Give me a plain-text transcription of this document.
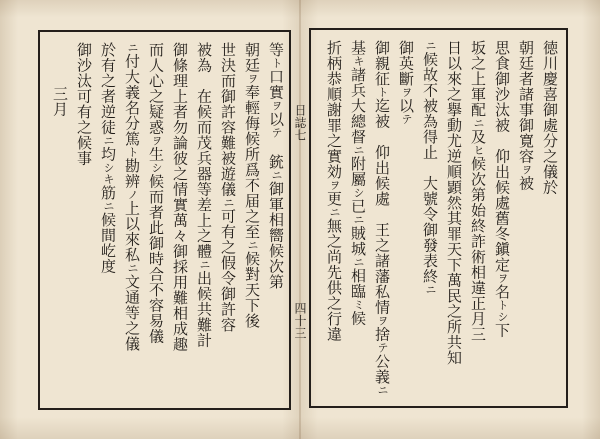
徳川慶喜御處分之儀於
朝廷者諸事御寛容ヲ被
思食御沙汰被　仰出候處舊冬鎭定ヲ名トシ下
坂之上軍配ニ及ヒ候次第始終詐術相違正月三
日以來之擧動尤逆順顕然其罪天下萬民之所共知
ニ候故不被為得止　大號令御發表終ニ
御英斷ヲ以テ
御親征ト迄被　仰出候處　王之諸藩私情ヲ捨テ公義ニ
基キ諸兵大總督ニ附屬シ已ニ賊城ニ相臨ミ候
折柄恭順謝罪之實効ヲ更ニ無之尚先供之行違
日誌七
四十三
等ト口實ヲ以テ　銃ニ御軍相嚮候次第
朝廷ヲ奉輕侮候所爲不届之至ニ候對天下後
世決而御許容難被遊儀ニ可有之假令御許容
被為　在候而茂兵器等差上之體ニ出候共難計
御條理上者勿論彼之情實萬々御採用難相成趣
而人心之疑惑ヲ生シ候而者此御時合不容易儀
ニ付大義名分篤ト勘辨ノ上以來私ニ文通等之儀
於有之者逆徒ニ均シキ筋ニ候間屹度
御沙汰可有之候事
三月
